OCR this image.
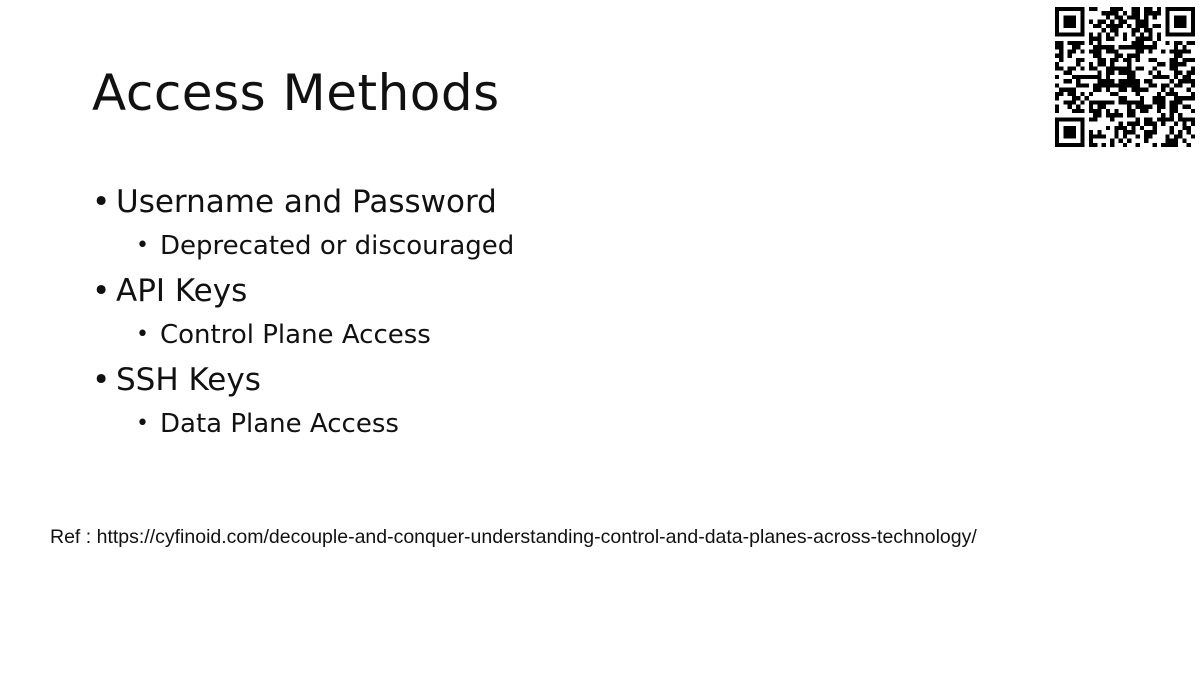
Access Methods
• Username and Password
• Deprecated or discouraged
• API Keys
• Control Plane Access
• SSH Keys
• Data Plane Access
Ref : https://cyfinoid.com/decouple-and-conquer-understanding-control-and-data-planes-across-technology/
